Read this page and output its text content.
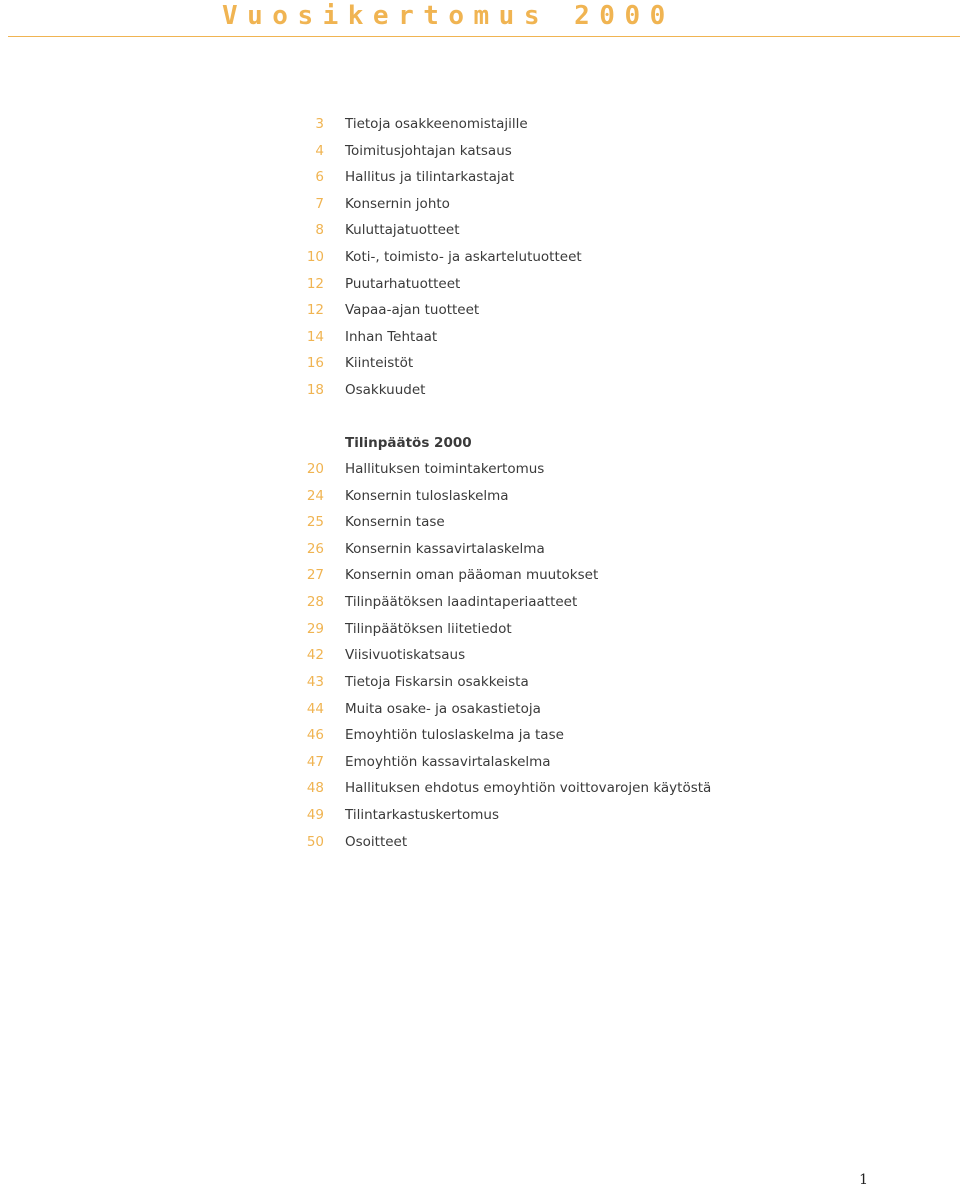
Vuosikertomus 2000
3 Tietoja osakkeenomistajille
4 Toimitusjohtajan katsaus
6 Hallitus ja tilintarkastajat
7 Konsernin johto
8 Kuluttajatuotteet
10 Koti-, toimisto- ja askartelutuotteet
12 Puutarhatuotteet
12 Vapaa-ajan tuotteet
14 Inhan Tehtaat
16 Kiinteistöt
18 Osakkuudet
Tilinpäätös 2000
20 Hallituksen toimintakertomus
24 Konsernin tuloslaskelma
25 Konsernin tase
26 Konsernin kassavirtalaskelma
27 Konsernin oman pääoman muutokset
28 Tilinpäätöksen laadintaperiaatteet
29 Tilinpäätöksen liitetiedot
42 Viisivuotiskatsaus
43 Tietoja Fiskarsin osakkeista
44 Muita osake- ja osakastietoja
46 Emoyhtiön tuloslaskelma ja tase
47 Emoyhtiön kassavirtalaskelma
48 Hallituksen ehdotus emoyhtiön voittovarojen käytöstä
49 Tilintarkastuskertomus
50 Osoitteet
1
